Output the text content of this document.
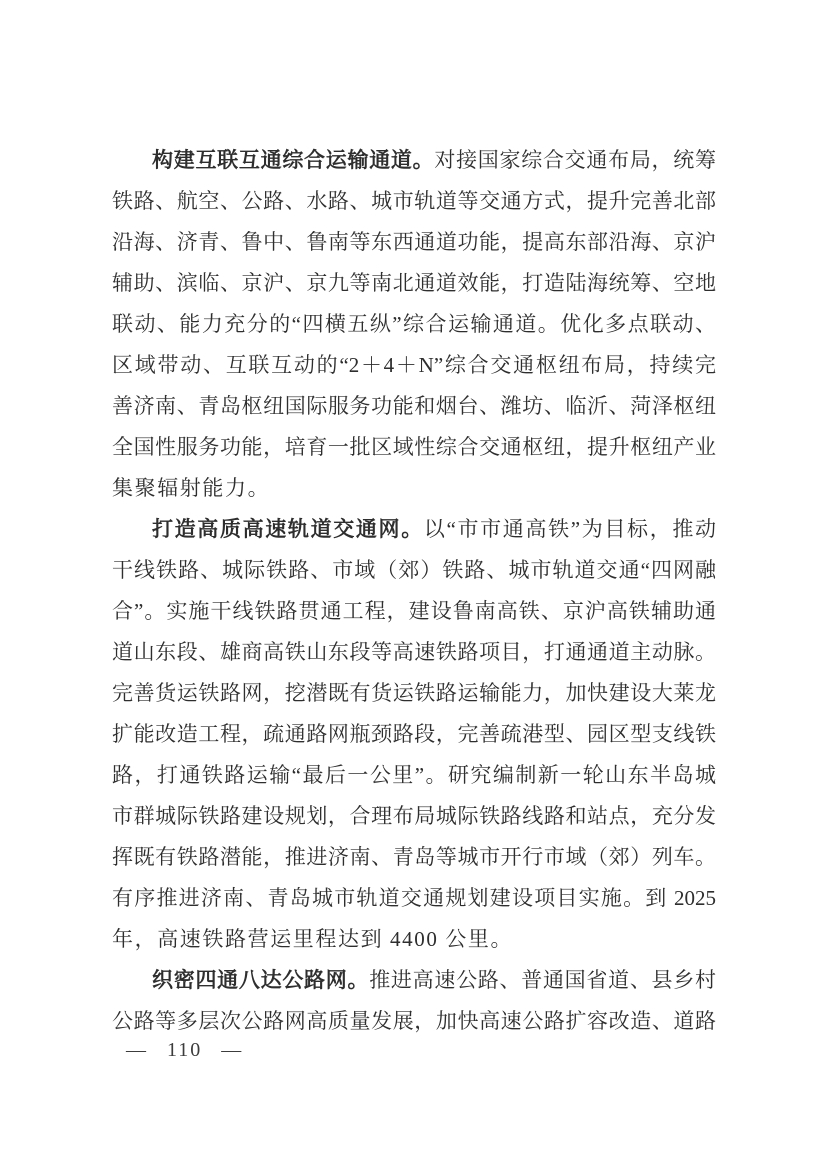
构建互联互通综合运输通道。对接国家综合交通布局，统筹
铁路、航空、公路、水路、城市轨道等交通方式，提升完善北部
沿海、济青、鲁中、鲁南等东西通道功能，提高东部沿海、京沪
辅助、滨临、京沪、京九等南北通道效能，打造陆海统筹、空地
联动、能力充分的“四横五纵”综合运输通道。优化多点联动、
区域带动、互联互动的“2＋4＋N”综合交通枢纽布局，持续完
善济南、青岛枢纽国际服务功能和烟台、潍坊、临沂、菏泽枢纽
全国性服务功能，培育一批区域性综合交通枢纽，提升枢纽产业
集聚辐射能力。
打造高质高速轨道交通网。以“市市通高铁”为目标，推动
干线铁路、城际铁路、市域（郊）铁路、城市轨道交通“四网融
合”。实施干线铁路贯通工程，建设鲁南高铁、京沪高铁辅助通
道山东段、雄商高铁山东段等高速铁路项目，打通通道主动脉。
完善货运铁路网，挖潜既有货运铁路运输能力，加快建设大莱龙
扩能改造工程，疏通路网瓶颈路段，完善疏港型、园区型支线铁
路，打通铁路运输“最后一公里”。研究编制新一轮山东半岛城
市群城际铁路建设规划，合理布局城际铁路线路和站点，充分发
挥既有铁路潜能，推进济南、青岛等城市开行市域（郊）列车。
有序推进济南、青岛城市轨道交通规划建设项目实施。到 2025
年，高速铁路营运里程达到 4400 公里。
织密四通八达公路网。推进高速公路、普通国省道、县乡村
公路等多层次公路网高质量发展，加快高速公路扩容改造、道路
— 110 —
